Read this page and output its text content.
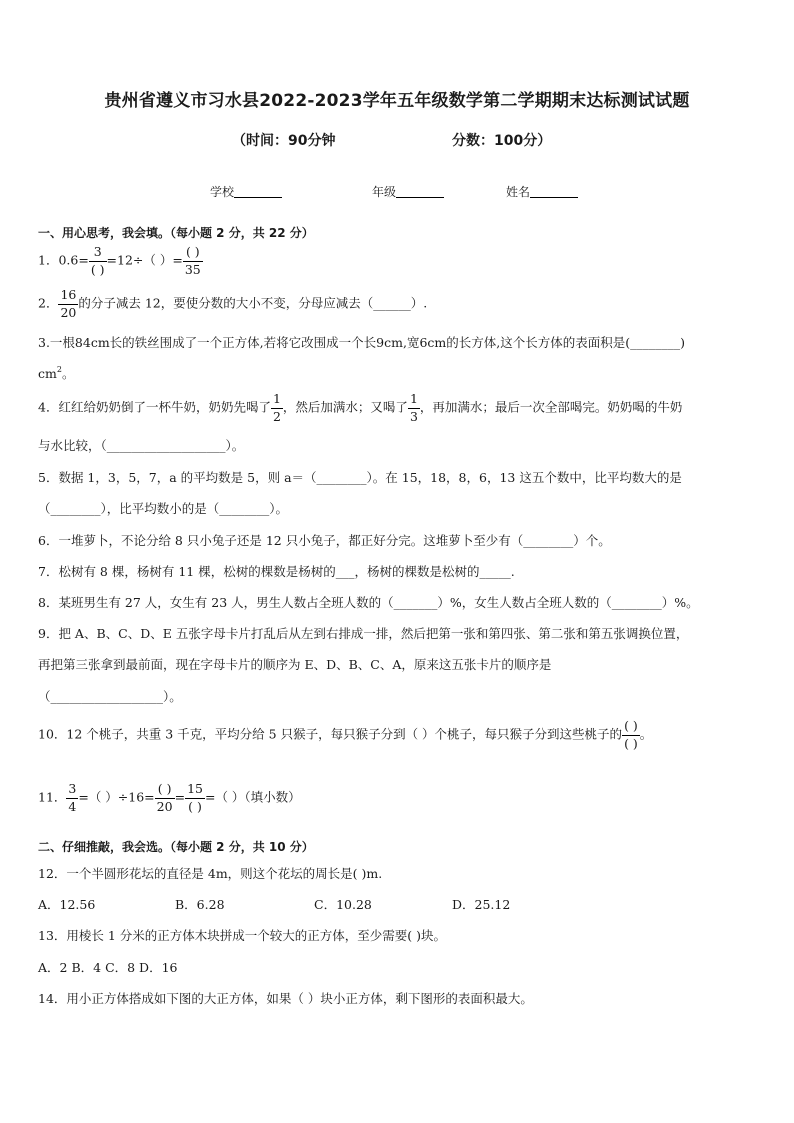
贵州省遵义市习水县2022-2023学年五年级数学第二学期期末达标测试试题
（时间：90分钟	分数：100分）
学校	年级	姓名
一、用心思考，我会填。（每小题 2 分，共 22 分）
1．$0.6= \frac{3}{( )} =12\div$（ ）= $\frac{( )}{35}$
2． $\frac{16}{20}$ 的分子减去 12，要使分数的大小不变，分母应减去（______）.
3.一根84cm长的铁丝围成了一个正方体,若将它改围成一个长9cm,宽6cm的长方体,这个长方体的表面积是(________)
$cm^2$。
4．红红给奶奶倒了一杯牛奶，奶奶先喝了 $\frac{1}{2}$ ，然后加满水；又喝了 $\frac{1}{3}$ ，再加满水；最后一次全部喝完。奶奶喝的牛奶
与水比较，（___________________）。
5．数据 1，3，5，7，a 的平均数是 5，则 a＝（________）。在 15，18，8，6，13 这五个数中，比平均数大的是
（________），比平均数小的是（________）。
6．一堆萝卜，不论分给 8 只小兔子还是 12 只小兔子，都正好分完。这堆萝卜至少有（________）个。
7．松树有 8 棵，杨树有 11 棵，松树的棵数是杨树的___，杨树的棵数是松树的_____.
8．某班男生有 27 人，女生有 23 人，男生人数占全班人数的（_______）%，女生人数占全班人数的（________）%。
9．把 A、B、C、D、E 五张字母卡片打乱后从左到右排成一排，然后把第一张和第四张、第二张和第五张调换位置，
再把第三张拿到最前面，现在字母卡片的顺序为 E、D、B、C、A，原来这五张卡片的顺序是
（__________________）。
10．12 个桃子，共重 3 千克，平均分给 5 只猴子，每只猴子分到（ ）个桃子，每只猴子分到这些桃子的 $\frac{( )}{( )}$ 。
11． $\frac{3}{4}$ =（ ）$\div 16= \frac{( )}{20} = \frac{15}{( )}$ =（ ）（填小数）
二、仔细推敲，我会选。（每小题 2 分，共 10 分）
12．一个半圆形花坛的直径是 4m，则这个花坛的周长是( )m.
A．12.56	B．6.28	C．10.28	D．25.12
13．用棱长 1 分米的正方体木块拼成一个较大的正方体，至少需要( )块。
A．2 B．4 C．8 D．16
14．用小正方体搭成如下图的大正方体，如果（ ）块小正方体，剩下图形的表面积最大。
